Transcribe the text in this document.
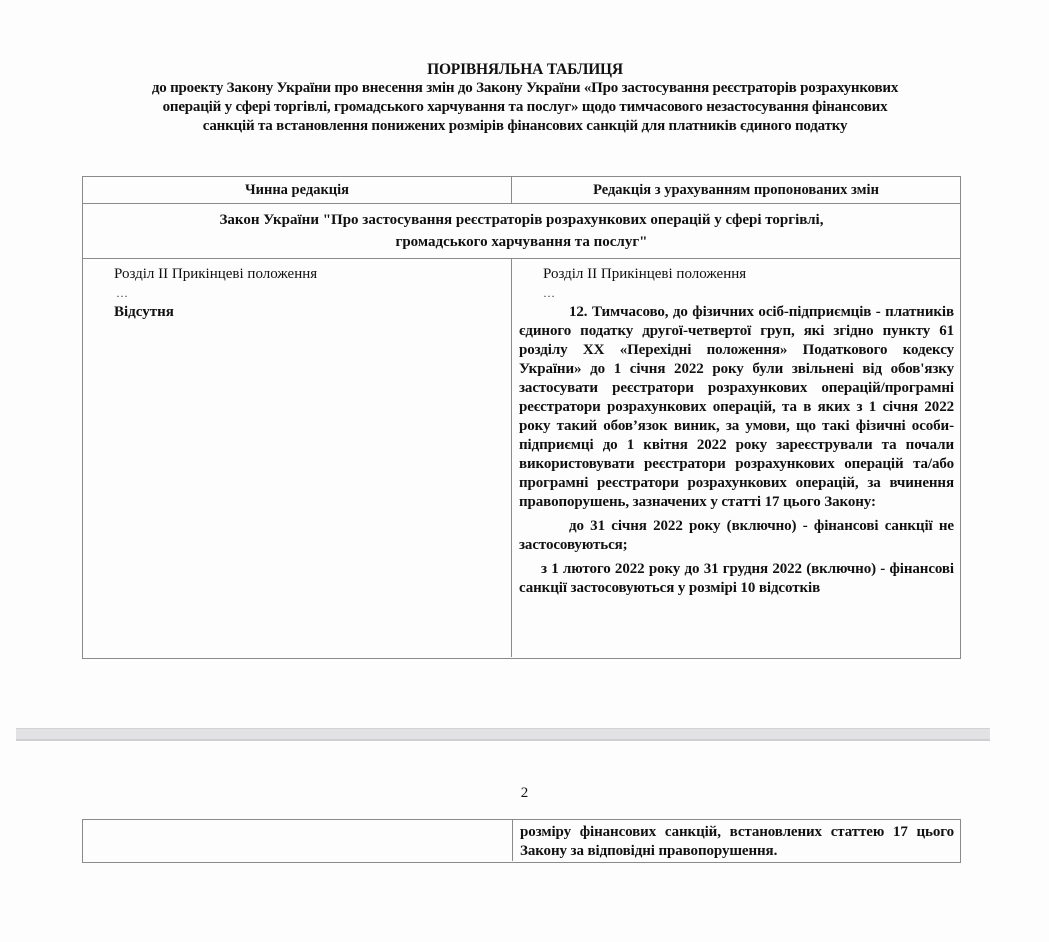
ПОРІВНЯЛЬНА ТАБЛИЦЯ
до проекту Закону України про внесення змін до Закону України «Про застосування реєстраторів розрахункових
операцій у сфері торгівлі, громадського харчування та послуг» щодо тимчасового незастосування фінансових
санкцій та встановлення понижених розмірів фінансових санкцій для платників єдиного податку
Чинна редакція	Редакція з урахуванням пропонованих змін
Закон України "Про застосування реєстраторів розрахункових операцій у сфері торгівлі,
громадського харчування та послуг"
Розділ ІІ Прикінцеві положення
…
Відсутня
Розділ ІІ Прикінцеві положення
…
12. Тимчасово, до фізичних осіб-підприємців - платників єдиного податку другої-четвертої груп, які згідно пункту 61 розділу ХХ «Перехідні положення» Податкового кодексу України» до 1 січня 2022 року були звільнені від обов'язку застосувати реєстратори розрахункових операцій/програмні реєстратори розрахункових операцій, та в яких з 1 січня 2022 року такий обов’язок виник, за умови, що такі фізичні особи-підприємці до 1 квітня 2022 року зареєстрували та почали використовувати реєстратори розрахункових операцій та/або програмні реєстратори розрахункових операцій, за вчинення правопорушень, зазначених у статті 17 цього Закону:
до 31 січня 2022 року (включно) - фінансові санкції не застосовуються;
з 1 лютого 2022 року до 31 грудня 2022 (включно) - фінансові санкції застосовуються у розмірі 10 відсотків
2
розміру фінансових санкцій, встановлених статтею 17 цього Закону за відповідні правопорушення.
